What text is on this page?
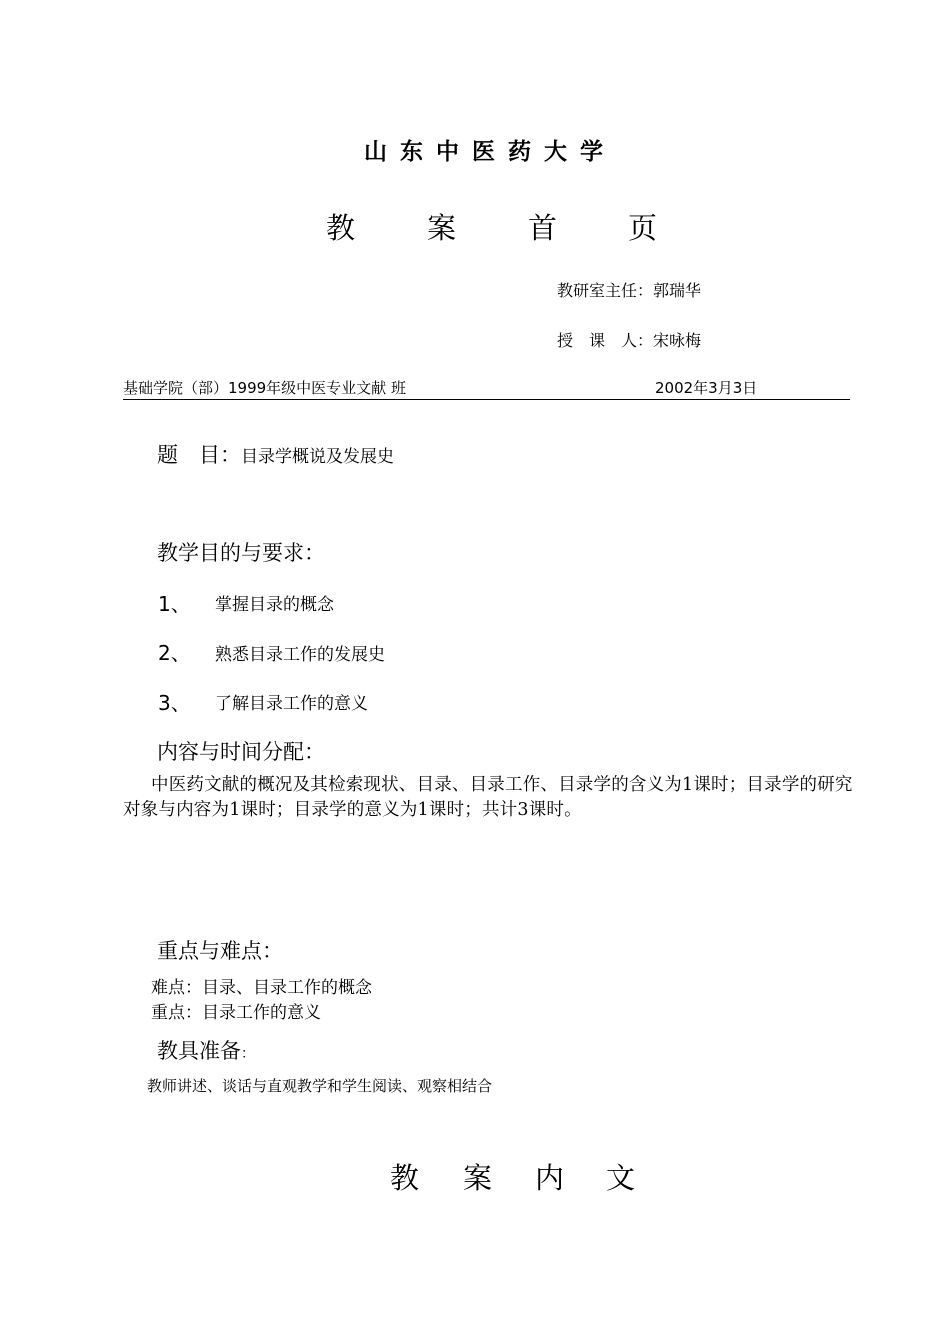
山东中医药大学
教 案 首 页
教研室主任：郭瑞华
授　课　人：宋咏梅
基础学院（部）1999年级中医专业文献 班	2002年3月3日
题　目：目录学概说及发展史
教学目的与要求：
1、 掌握目录的概念
2、 熟悉目录工作的发展史
3、 了解目录工作的意义
内容与时间分配：
中医药文献的概况及其检索现状、目录、目录工作、目录学的含义为1课时；目录学的研究对象与内容为1课时；目录学的意义为1课时；共计3课时。
重点与难点：
难点：目录、目录工作的概念
重点：目录工作的意义
教具准备：
教师讲述、谈话与直观教学和学生阅读、观察相结合
教 案 内 文
